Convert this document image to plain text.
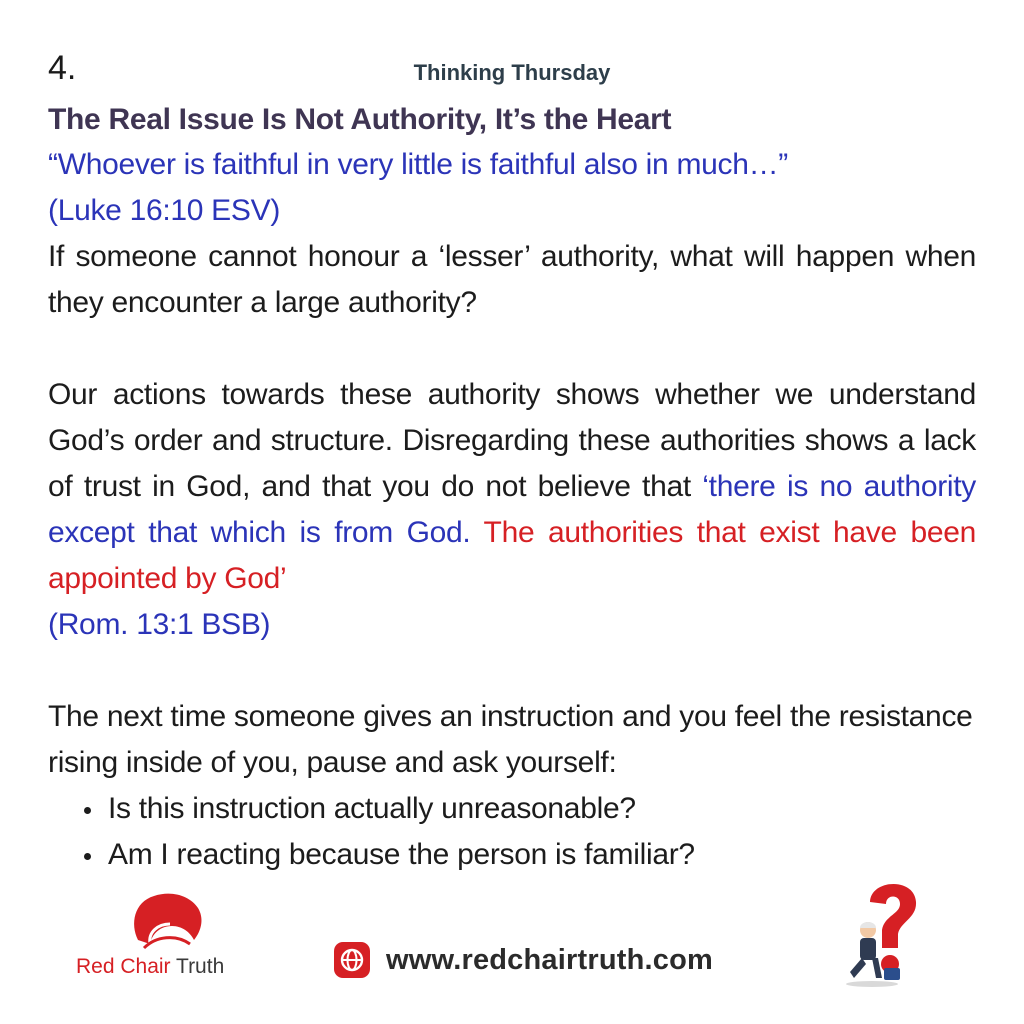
4.	Thinking Thursday
The Real Issue Is Not Authority, It’s the Heart

“Whoever is faithful in very little is faithful also in much…”
(Luke 16:10 ESV)

If someone cannot honour a ‘lesser’ authority, what will happen when they encounter a large authority?

Our actions towards these authority shows whether we understand God’s order and structure. Disregarding these authorities shows a lack of trust in God, and that you do not believe that ‘there is no authority except that which is from God. The authorities that exist have been appointed by God’
(Rom. 13:1 BSB)

The next time someone gives an instruction and you feel the resistance rising inside of you, pause and ask yourself:

Is this instruction actually unreasonable?
Am I reacting because the person is familiar?
Red Chair Truth	www.redchairtruth.com
